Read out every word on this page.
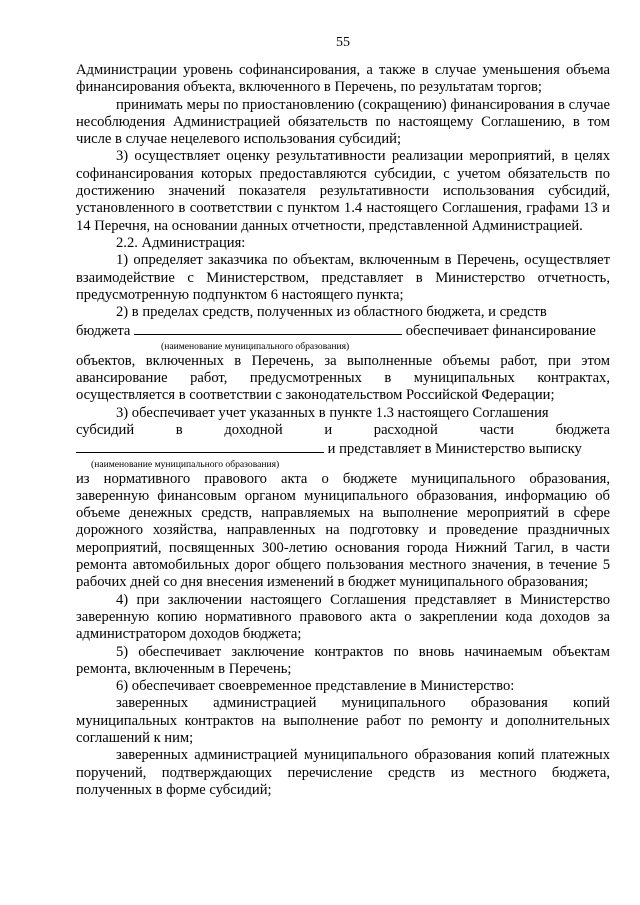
55

Администрации уровень софинансирования, а также в случае уменьшения объема финансирования объекта, включенного в Перечень, по результатам торгов;

принимать меры по приостановлению (сокращению) финансирования в случае несоблюдения Администрацией обязательств по настоящему Соглашению, в том числе в случае нецелевого использования субсидий;

3) осуществляет оценку результативности реализации мероприятий, в целях софинансирования которых предоставляются субсидии, с учетом обязательств по достижению значений показателя результативности использования субсидий, установленного в соответствии с пунктом 1.4 настоящего Соглашения, графами 13 и 14 Перечня, на основании данных отчетности, представленной Администрацией.

2.2. Администрация:

1) определяет заказчика по объектам, включенным в Перечень, осуществляет взаимодействие с Министерством, представляет в Министерство отчетность, предусмотренную подпунктом 6 настоящего пункта;

2) в пределах средств, полученных из областного бюджета, и средств

бюджета	обеспечивает финансирование

(наименование муниципального образования)

объектов, включенных в Перечень, за выполненные объемы работ, при этом авансирование работ, предусмотренных в муниципальных контрактах, осуществляется в соответствии с законодательством Российской Федерации;

3) обеспечивает учет указанных в пункте 1.3 настоящего Соглашения

субсидий	в	доходной	и	расходной	части	бюджета

и представляет в Министерство выписку

(наименование муниципального образования)

из нормативного правового акта о бюджете муниципального образования, заверенную финансовым органом муниципального образования, информацию об объеме денежных средств, направляемых на выполнение мероприятий в сфере дорожного хозяйства, направленных на подготовку и проведение праздничных мероприятий, посвященных 300-летию основания города Нижний Тагил, в части ремонта автомобильных дорог общего пользования местного значения, в течение 5 рабочих дней со дня внесения изменений в бюджет муниципального образования;

4) при заключении настоящего Соглашения представляет в Министерство заверенную копию нормативного правового акта о закреплении кода доходов за администратором доходов бюджета;

5) обеспечивает заключение контрактов по вновь начинаемым объектам ремонта, включенным в Перечень;

6) обеспечивает своевременное представление в Министерство:

заверенных администрацией муниципального образования копий муниципальных контрактов на выполнение работ по ремонту и дополнительных соглашений к ним;

заверенных администрацией муниципального образования копий платежных поручений, подтверждающих перечисление средств из местного бюджета, полученных в форме субсидий;
